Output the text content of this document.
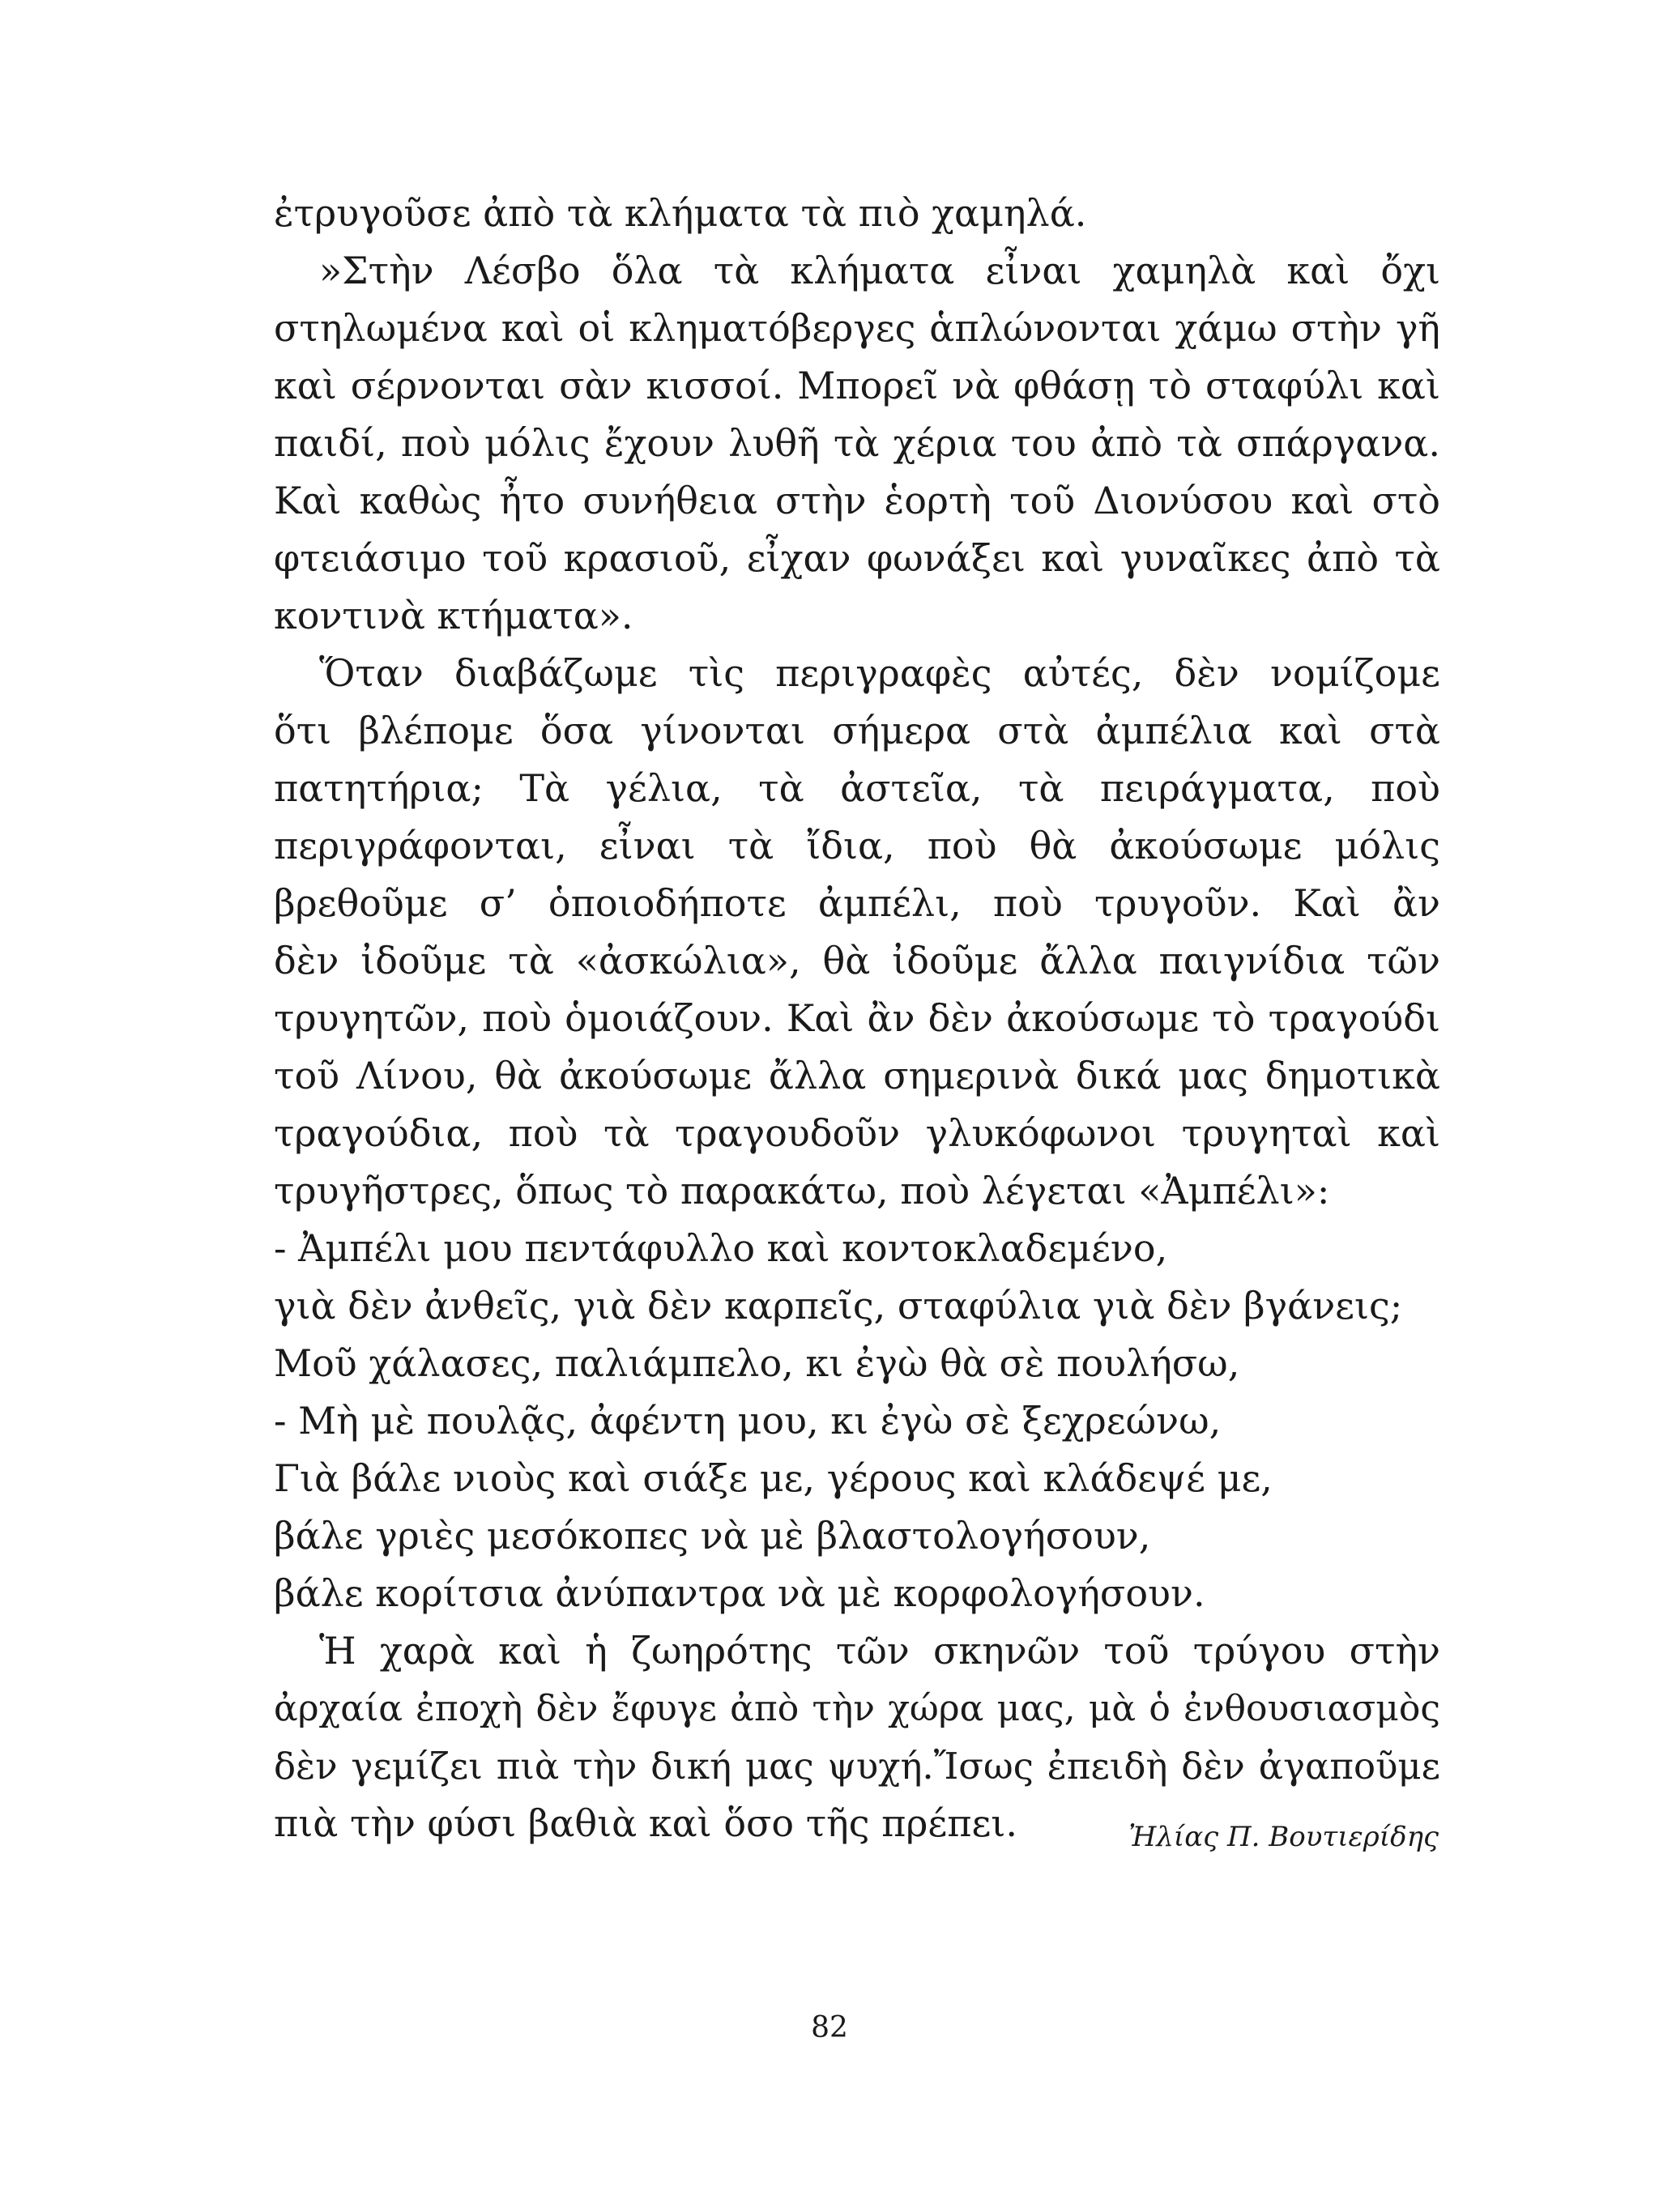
ἐτρυγοῦσε ἀπὸ τὰ κλήματα τὰ πιὸ χαμηλά.
»Στὴν Λέσβο ὅλα τὰ κλήματα εἶναι χαμηλὰ καὶ ὄχι
στηλωμένα καὶ οἱ κληματόβεργες ἁπλώνονται χάμω στὴν γῆ
καὶ σέρνονται σὰν κισσοί. Μπορεῖ νὰ φθάσῃ τὸ σταφύλι καὶ
παιδί, ποὺ μόλις ἔχουν λυθῆ τὰ χέρια του ἀπὸ τὰ σπάργανα.
Καὶ καθὼς ἦτο συνήθεια στὴν ἑορτὴ τοῦ Διονύσου καὶ στὸ
φτειάσιμο τοῦ κρασιοῦ, εἶχαν φωνάξει καὶ γυναῖκες ἀπὸ τὰ
κοντινὰ κτήματα».
Ὅταν διαβάζωμε τὶς περιγραφὲς αὐτές, δὲν νομίζομε
ὅτι βλέπομε ὅσα γίνονται σήμερα στὰ ἀμπέλια καὶ στὰ
πατητήρια; Τὰ γέλια, τὰ ἀστεῖα, τὰ πειράγματα, ποὺ
περιγράφονται, εἶναι τὰ ἴδια, ποὺ θὰ ἀκούσωμε μόλις
βρεθοῦμε σ’ ὁποιοδήποτε ἀμπέλι, ποὺ τρυγοῦν. Καὶ ἂν
δὲν ἰδοῦμε τὰ «ἀσκώλια», θὰ ἰδοῦμε ἄλλα παιγνίδια τῶν
τρυγητῶν, ποὺ ὁμοιάζουν. Καὶ ἂν δὲν ἀκούσωμε τὸ τραγούδι
τοῦ Λίνου, θὰ ἀκούσωμε ἄλλα σημερινὰ δικά μας δημοτικὰ
τραγούδια, ποὺ τὰ τραγουδοῦν γλυκόφωνοι τρυγηταὶ καὶ
τρυγῆστρες, ὅπως τὸ παρακάτω, ποὺ λέγεται «Ἀμπέλι»:
- Ἀμπέλι μου πεντάφυλλο καὶ κοντοκλαδεμένο,
γιὰ δὲν ἀνθεῖς, γιὰ δὲν καρπεῖς, σταφύλια γιὰ δὲν βγάνεις;
Μοῦ χάλασες, παλιάμπελο, κι ἐγὼ θὰ σὲ πουλήσω,
- Μὴ μὲ πουλᾷς, ἀφέντη μου, κι ἐγὼ σὲ ξεχρεώνω,
Γιὰ βάλε νιοὺς καὶ σιάξε με, γέρους καὶ κλάδεψέ με,
βάλε γριὲς μεσόκοπες νὰ μὲ βλαστολογήσουν,
βάλε κορίτσια ἀνύπαντρα νὰ μὲ κορφολογήσουν.
Ἡ χαρὰ καὶ ἡ ζωηρότης τῶν σκηνῶν τοῦ τρύγου στὴν
ἀρχαία ἐποχὴ δὲν ἔφυγε ἀπὸ τὴν χώρα μας, μὰ ὁ ἐνθουσιασμὸς
δὲν γεμίζει πιὰ τὴν δική μας ψυχή.Ἴσως ἐπειδὴ δὲν ἀγαποῦμε
πιὰ τὴν φύσι βαθιὰ καὶ ὅσο τῆς πρέπει.	Ἠλίας Π. Βουτιερίδης
82
